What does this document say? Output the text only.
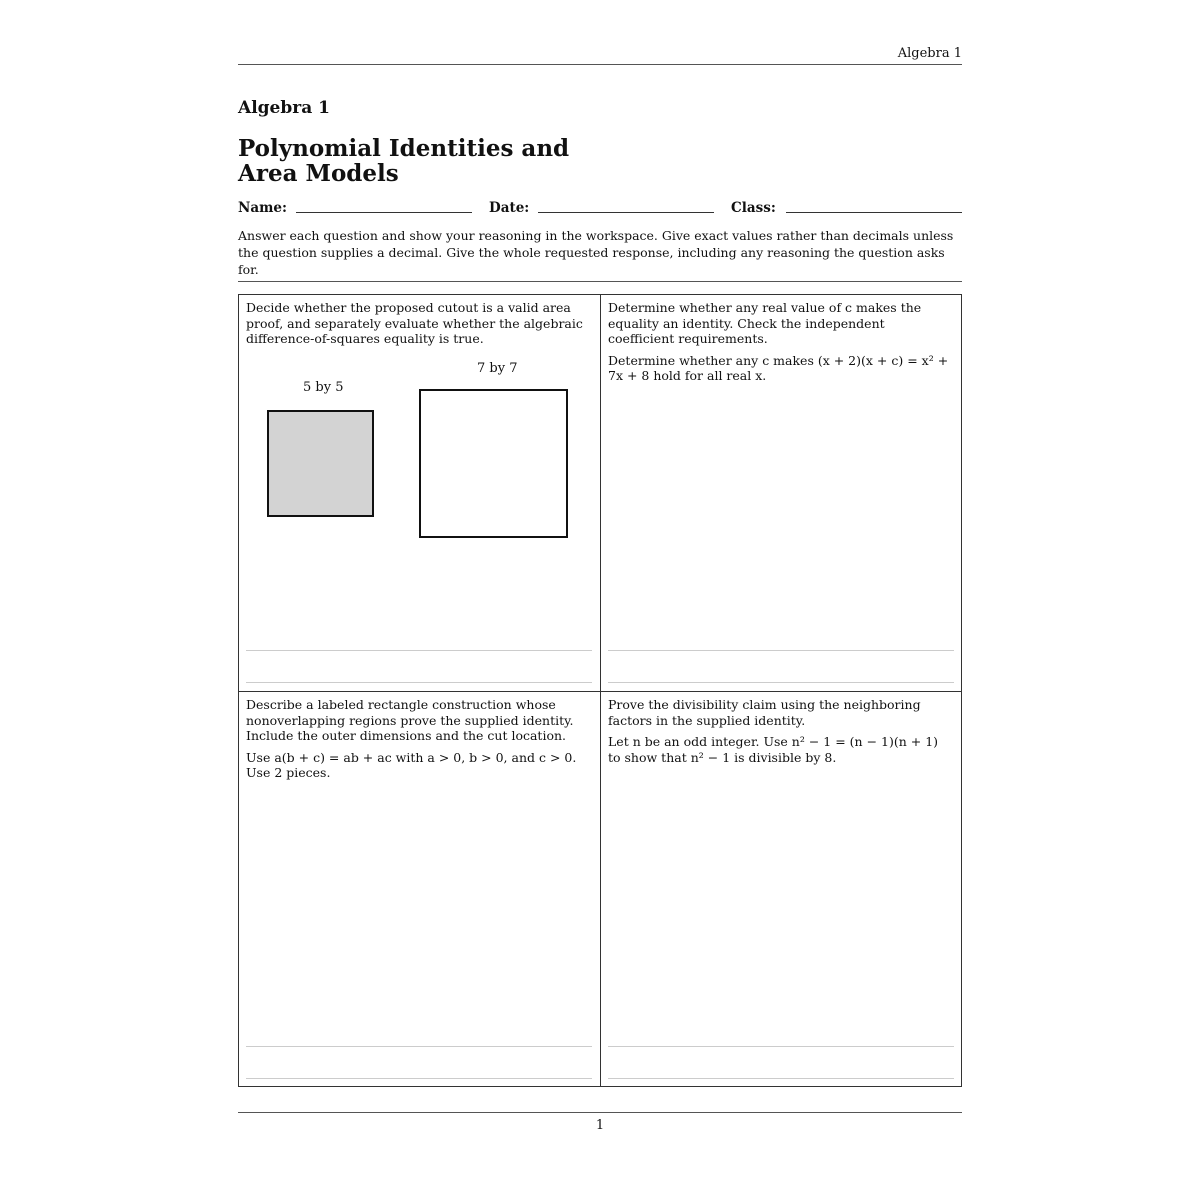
Algebra 1
Algebra 1
Polynomial Identities and
Area Models
Name:	Date:	Class:
Answer each question and show your reasoning in the workspace. Give exact values rather than decimals unless the question supplies a decimal. Give the whole requested response, including any reasoning the question asks for.

Decide whether the proposed cutout is a valid area proof, and separately evaluate whether the algebraic difference-of-squares equality is true.

5 by 5
7 by 7

Determine whether any real value of c makes the equality an identity. Check the independent coefficient requirements.

Determine whether any c makes (x + 2)(x + c) = x² + 7x + 8 hold for all real x.

Describe a labeled rectangle construction whose nonoverlapping regions prove the supplied identity. Include the outer dimensions and the cut location.

Use a(b + c) = ab + ac with a > 0, b > 0, and c > 0. Use 2 pieces.

Prove the divisibility claim using the neighboring factors in the supplied identity.

Let n be an odd integer. Use n² − 1 = (n − 1)(n + 1) to show that n² − 1 is divisible by 8.

1
